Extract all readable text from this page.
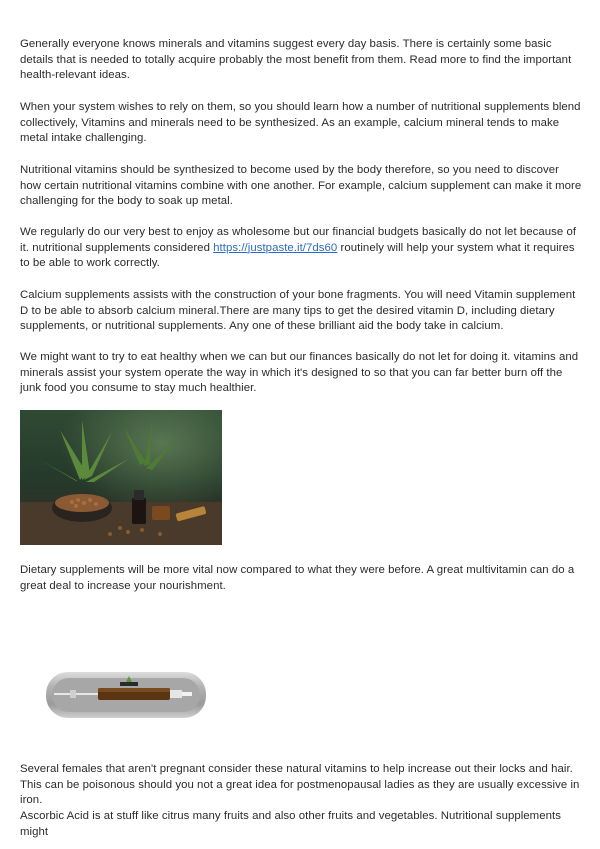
Generally everyone knows minerals and vitamins suggest every day basis. There is certainly some basic details that is needed to totally acquire probably the most benefit from them. Read more to find the important health-relevant ideas.

When your system wishes to rely on them, so you should learn how a number of nutritional supplements blend collectively, Vitamins and minerals need to be synthesized. As an example, calcium mineral tends to make metal intake challenging.

Nutritional vitamins should be synthesized to become used by the body therefore, so you need to discover how certain nutritional vitamins combine with one another. For example, calcium supplement can make it more challenging for the body to soak up metal.

We regularly do our very best to enjoy as wholesome but our financial budgets basically do not let because of it. nutritional supplements considered https://justpaste.it/7ds60 routinely will help your system what it requires to be able to work correctly.

Calcium supplements assists with the construction of your bone fragments. You will need Vitamin supplement D to be able to absorb calcium mineral.There are many tips to get the desired vitamin D, including dietary supplements, or nutritional supplements. Any one of these brilliant aid the body take in calcium.

We might want to try to eat healthy when we can but our finances basically do not let for doing it. vitamins and minerals assist your system operate the way in which it's designed to so that you can far better burn off the junk food you consume to stay much healthier.

Dietary supplements will be more vital now compared to what they were before. A great multivitamin can do a great deal to increase your nourishment.

Several females that aren't pregnant consider these natural vitamins to help increase out their locks and hair. This can be poisonous should you not a great idea for postmenopausal ladies as they are usually excessive in iron.

Ascorbic Acid is at stuff like citrus many fruits and also other fruits and vegetables. Nutritional supplements might
